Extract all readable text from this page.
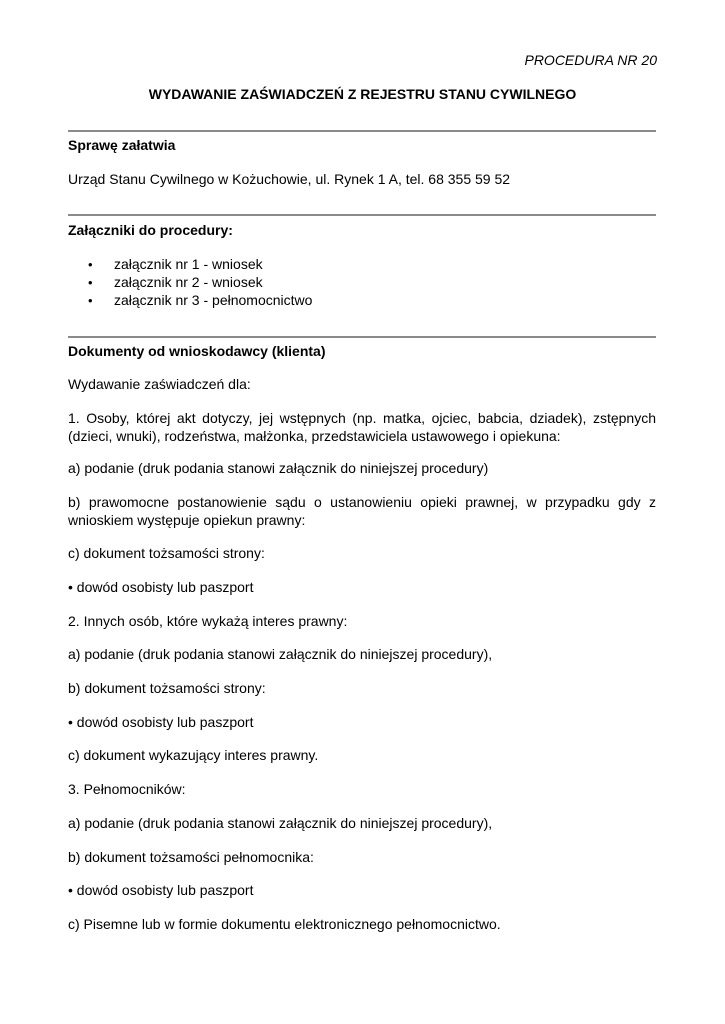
PROCEDURA NR 20
WYDAWANIE ZAŚWIADCZEŃ Z REJESTRU STANU CYWILNEGO
Sprawę załatwia
Urząd Stanu Cywilnego w Kożuchowie, ul. Rynek 1 A, tel. 68 355 59 52
Załączniki do procedury:
• załącznik nr 1 - wniosek
• załącznik nr 2 - wniosek
• załącznik nr 3 - pełnomocnictwo
Dokumenty od wnioskodawcy (klienta)
Wydawanie zaświadczeń dla:
1. Osoby, której akt dotyczy, jej wstępnych (np. matka, ojciec, babcia, dziadek), zstępnych (dzieci, wnuki), rodzeństwa, małżonka, przedstawiciela ustawowego i opiekuna:
a) podanie (druk podania stanowi załącznik do niniejszej procedury)
b) prawomocne postanowienie sądu o ustanowieniu opieki prawnej, w przypadku gdy z wnioskiem występuje opiekun prawny:
c) dokument tożsamości strony:
• dowód osobisty lub paszport
2. Innych osób, które wykażą interes prawny:
a) podanie (druk podania stanowi załącznik do niniejszej procedury),
b) dokument tożsamości strony:
• dowód osobisty lub paszport
c) dokument wykazujący interes prawny.
3. Pełnomocników:
a) podanie (druk podania stanowi załącznik do niniejszej procedury),
b) dokument tożsamości pełnomocnika:
• dowód osobisty lub paszport
c) Pisemne lub w formie dokumentu elektronicznego pełnomocnictwo.
